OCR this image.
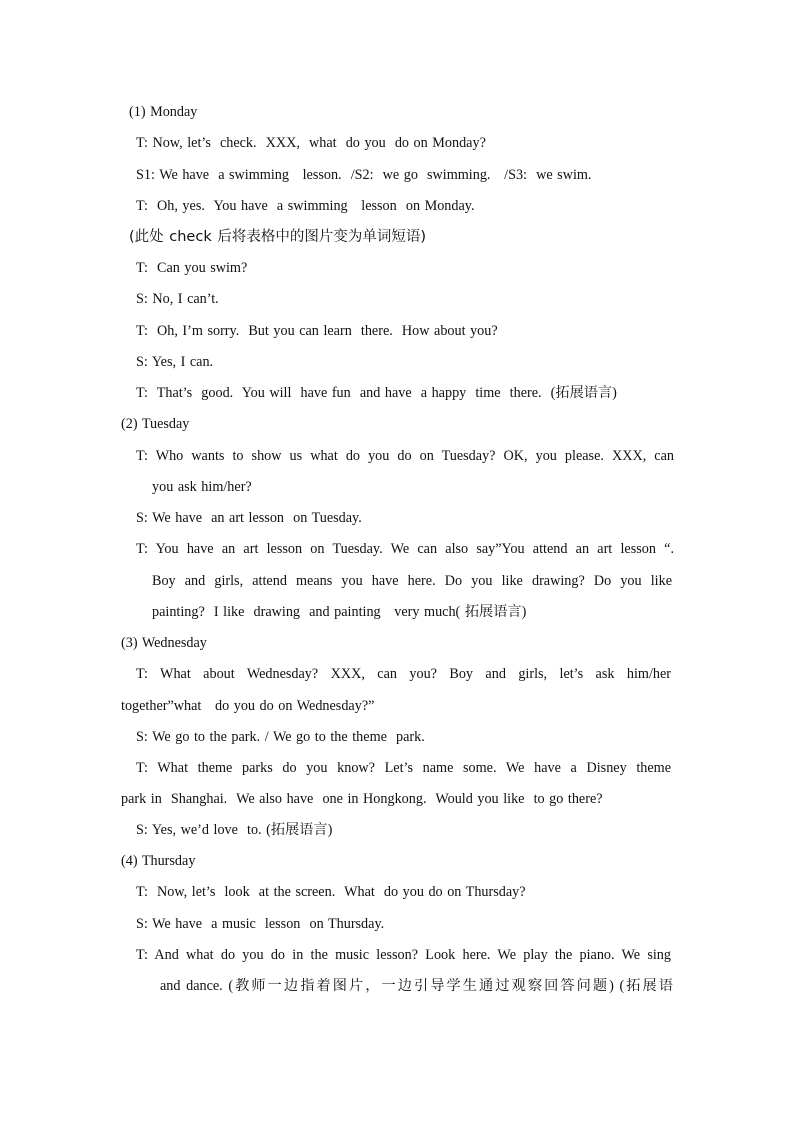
(1) Monday
T: Now, let’s  check.  XXX,  what  do you  do on Monday?
S1: We have  a swimming   lesson.  /S2:  we go  swimming.   /S3:  we swim.
T:  Oh, yes.  You have  a swimming   lesson  on Monday.
(此处 check 后将表格中的图片变为单词短语)
T:  Can you swim?
S: No, I can’t.
T:  Oh, I’m sorry.  But you can learn  there.  How about you?
S: Yes, I can.
T:  That’s  good.  You will  have fun  and have  a happy  time  there.  (拓展语言)
(2) Tuesday
T: Who wants to show us what do you do on Tuesday? OK, you please. XXX, can
you ask him/her?
S: We have  an art lesson  on Tuesday.
T: You have an art lesson on Tuesday. We can also say”You attend an art lesson “.
Boy and girls, attend means you have here. Do you like drawing? Do you like
painting?  I like  drawing  and painting   very much( 拓展语言)
(3) Wednesday
T: What about Wednesday? XXX, can you? Boy and girls, let’s ask him/her
together”what   do you do on Wednesday?”
S: We go to the park. / We go to the theme  park.
T: What theme parks do you know? Let’s name some. We have a Disney theme
park in  Shanghai.  We also have  one in Hongkong.  Would you like  to go there?
S: Yes, we’d love  to. (拓展语言)
(4) Thursday
T:  Now, let’s  look  at the screen.  What  do you do on Thursday?
S: We have  a music  lesson  on Thursday.
T: And what do you do in the music lesson? Look here. We play the piano. We sing
and dance. (教师一边指着图片，一边引导学生通过观察回答问题) (拓展语
